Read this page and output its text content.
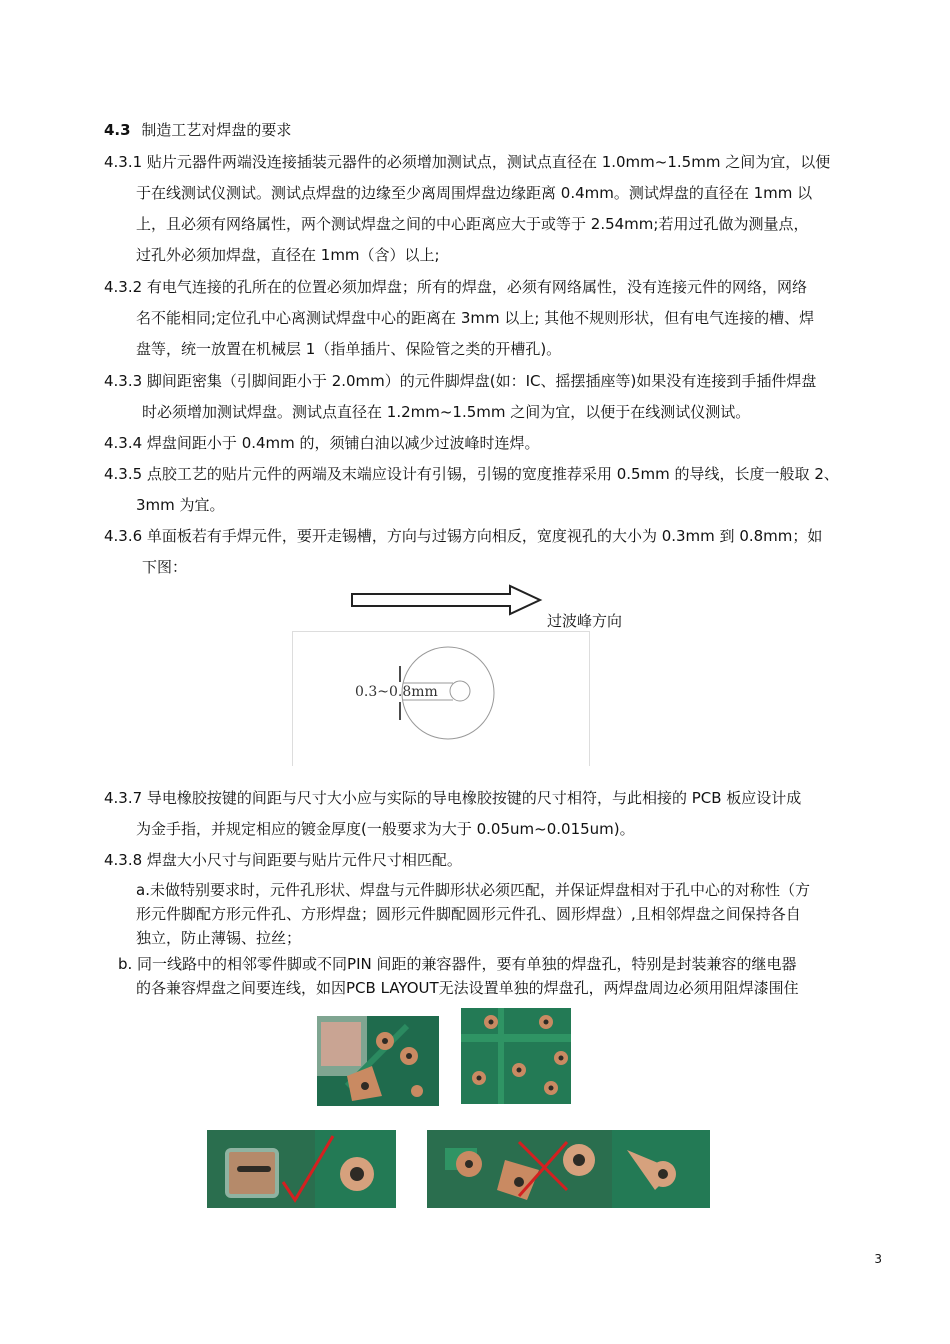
4.3 制造工艺对焊盘的要求
4.3.1 贴片元器件两端没连接插装元器件的必须增加测试点，测试点直径在 1.0mm~1.5mm 之间为宜，以便
于在线测试仪测试。测试点焊盘的边缘至少离周围焊盘边缘距离 0.4mm。测试焊盘的直径在 1mm 以
上，且必须有网络属性，两个测试焊盘之间的中心距离应大于或等于 2.54mm;若用过孔做为测量点，
过孔外必须加焊盘，直径在 1mm（含）以上;
4.3.2 有电气连接的孔所在的位置必须加焊盘；所有的焊盘，必须有网络属性，没有连接元件的网络，网络
名不能相同;定位孔中心离测试焊盘中心的距离在 3mm 以上; 其他不规则形状，但有电气连接的槽、焊
盘等，统一放置在机械层 1（指单插片、保险管之类的开槽孔)。
4.3.3 脚间距密集（引脚间距小于 2.0mm）的元件脚焊盘(如：IC、摇摆插座等)如果没有连接到手插件焊盘
时必须增加测试焊盘。测试点直径在 1.2mm~1.5mm 之间为宜，以便于在线测试仪测试。
4.3.4 焊盘间距小于 0.4mm 的，须铺白油以减少过波峰时连焊。
4.3.5 点胶工艺的贴片元件的两端及末端应设计有引锡，引锡的宽度推荐采用 0.5mm 的导线，长度一般取 2、
3mm 为宜。
4.3.6 单面板若有手焊元件，要开走锡槽，方向与过锡方向相反，宽度视孔的大小为 0.3mm 到 0.8mm；如
下图：
过波峰方向
0.3~0.8mm
4.3.7 导电橡胶按键的间距与尺寸大小应与实际的导电橡胶按键的尺寸相符，与此相接的 PCB 板应设计成
为金手指，并规定相应的镀金厚度(一般要求为大于 0.05um~0.015um)。
4.3.8 焊盘大小尺寸与间距要与贴片元件尺寸相匹配。
a.未做特别要求时，元件孔形状、焊盘与元件脚形状必须匹配，并保证焊盘相对于孔中心的对称性（方
形元件脚配方形元件孔、方形焊盘；圆形元件脚配圆形元件孔、圆形焊盘）,且相邻焊盘之间保持各自
独立，防止薄锡、拉丝；
b. 同一线路中的相邻零件脚或不同PIN 间距的兼容器件，要有单独的焊盘孔，特别是封装兼容的继电器
的各兼容焊盘之间要连线，如因PCB LAYOUT无法设置单独的焊盘孔，两焊盘周边必须用阻焊漆围住
3
